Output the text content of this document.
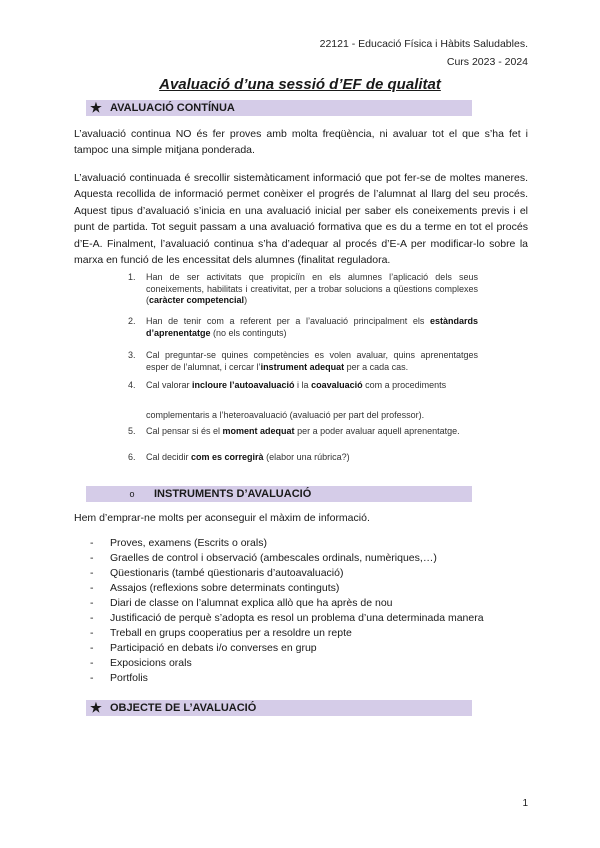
22121 - Educació Física i Hàbits Saludables.
Curs 2023 - 2024
Avaluació d’una sessió d’EF de qualitat
★ AVALUACIÓ CONTÍNUA
L’avaluació continua NO és fer proves amb molta freqüència, ni avaluar tot el que s’ha fet i
tampoc una simple mitjana ponderada.
L’avaluació continuada é srecollir sistemàticament informació que pot fer-se de moltes maneres.
Aquesta recollida de informació permet conèixer el progrés de l’alumnat al llarg del seu procés.
Aquest tipus d’avaluació s’inicia en una avaluació inicial per saber els coneixements previs i el
punt de partida. Tot seguit passam a una avaluació formativa que es du a terme en tot el procés
d’E-A. Finalment, l’avaluació continua s’ha d’adequar al procés d’E-A per modificar-lo sobre la
marxa en funció de les encessitat dels alumnes (finalitat reguladora.
1.	Han de ser activitats que propiciïn en els alumnes l’aplicació dels seus coneixements, habilitats i creativitat, per a trobar solucions a qüestions complexes (caràcter competencial)
2.	Han de tenir com a referent per a l’avaluació principalment els estàndards d’aprenentatge (no els continguts)
3.	Cal preguntar-se quines competències es volen avaluar, quins aprenentatges esper de l’alumnat, i cercar l’instrument adequat per a cada cas.
4.	Cal valorar incloure l’autoavaluació i la coavaluació com a procediments
complementaris a l’heteroavaluació (avaluació per part del professor).
5.	Cal pensar si és el moment adequat per a poder avaluar aquell aprenentatge.
6.	Cal decidir com es corregirà (elabor una rúbrica?)
o	INSTRUMENTS D’AVALUACIÓ
Hem d’emprar-ne molts per aconseguir el màxim de informació.
-	Proves, examens (Escrits o orals)
-	Graelles de control i observació (ambescales ordinals, numèriques,…)
-	Qüestionaris (també qüestionaris d’autoavaluació)
-	Assajos (reflexions sobre determinats continguts)
-	Diari de classe on l’alumnat explica allò que ha après de nou
-	Justificació de perquè s’adopta es resol un problema d’una determinada manera
-	Treball en grups cooperatius per a resoldre un repte
-	Participació en debats i/o converses en grup
-	Exposicions orals
-	Portfolis
★ OBJECTE DE L’AVALUACIÓ
1
